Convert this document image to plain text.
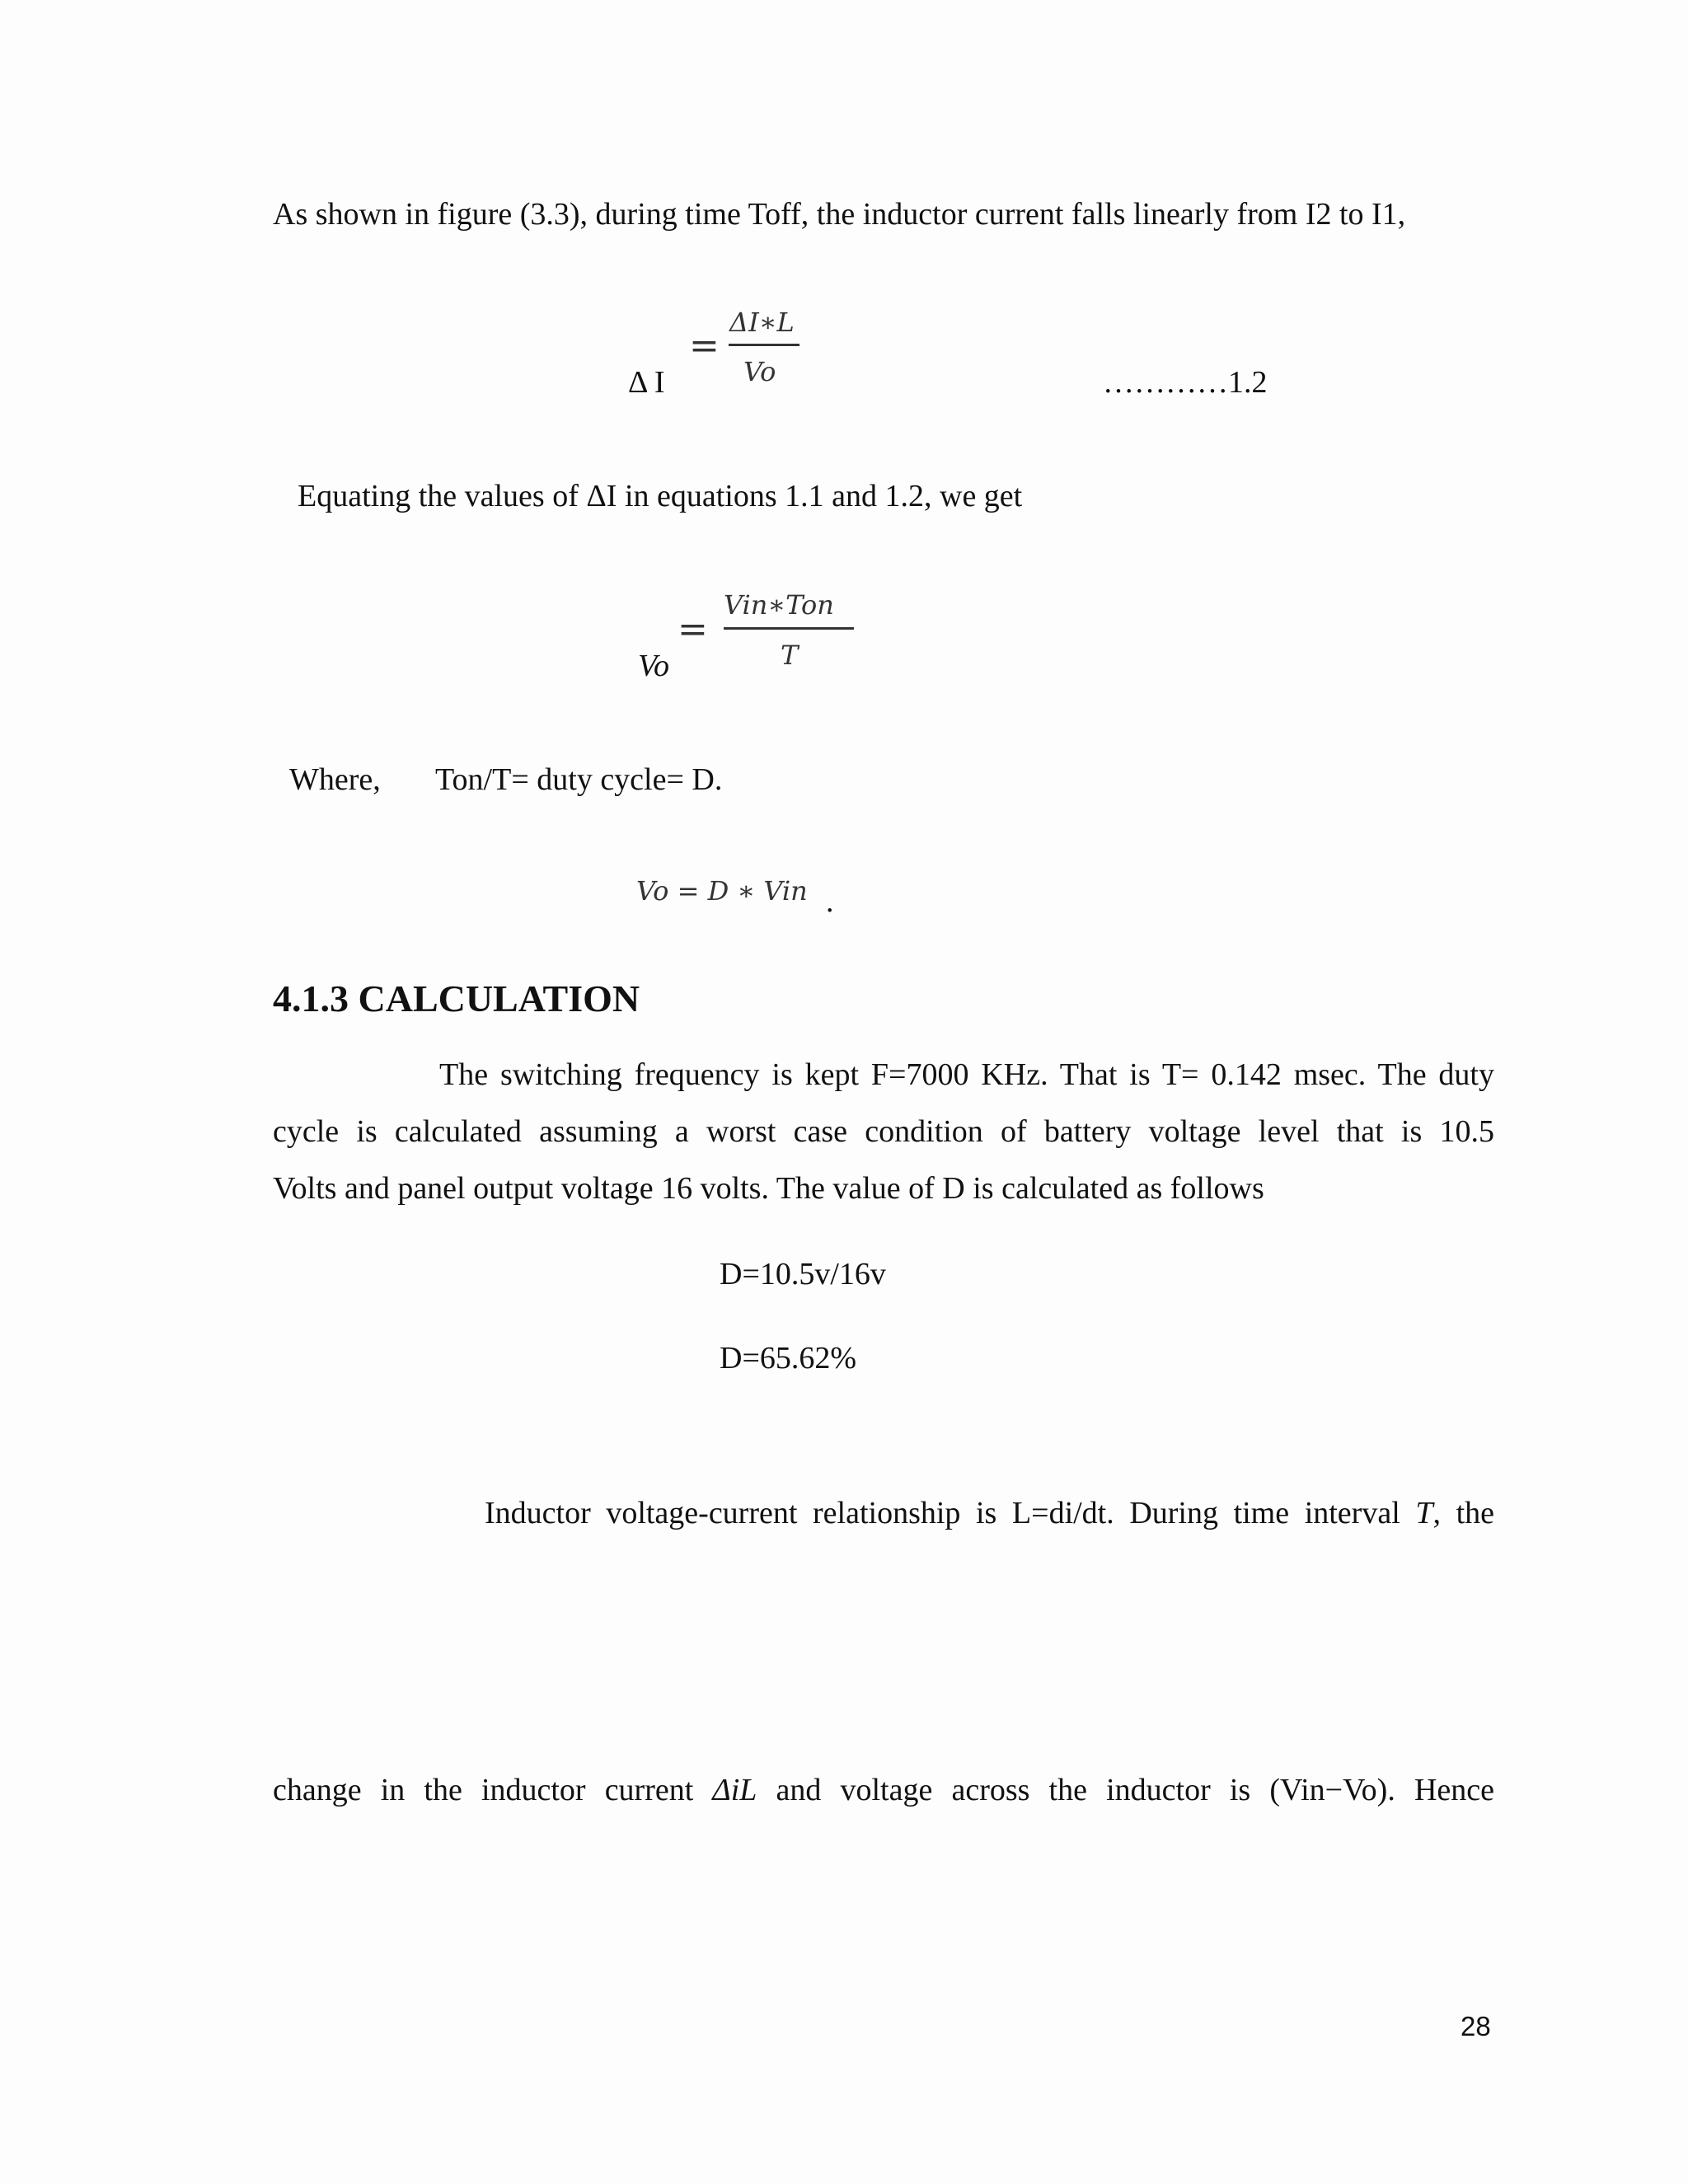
As shown in figure (3.3), during time Toff, the inductor current falls linearly from I2 to I1,

=
ΔI∗L
Vo
Δ I	…………1.2

Equating the values of ΔI in equations 1.1 and 1.2, we get

=
Vin∗Ton
T
Vo
Where, Ton/T= duty cycle= D.
Vo = D ∗ Vin .
4.1.3 CALCULATION

The switching frequency is kept F=7000 KHz. That is T= 0.142 msec. The duty

cycle is calculated assuming a worst case condition of battery voltage level that is 10.5

Volts and panel output voltage 16 volts. The value of D is calculated as follows

D=10.5v/16v
D=65.62%

Inductor voltage-current relationship is L=di/dt. During time interval T, the

change in the inductor current ΔiL and voltage across the inductor is (Vin−Vo). Hence
28
